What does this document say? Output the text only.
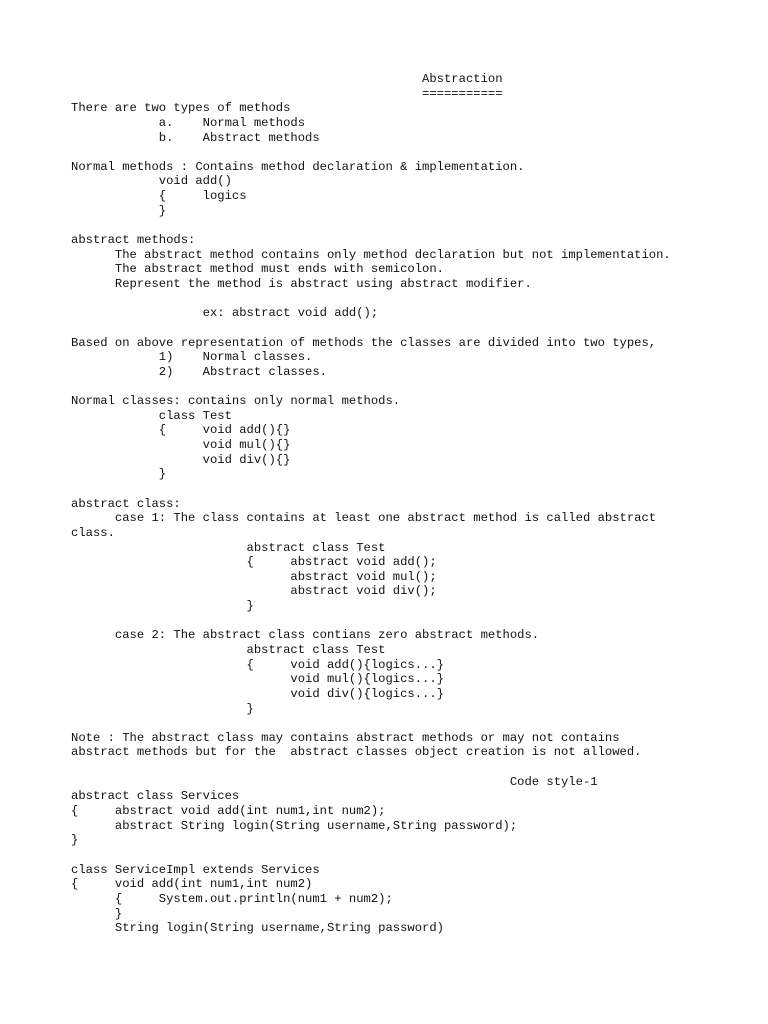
Abstraction
===========
There are two types of methods
a.    Normal methods
b.    Abstract methods
Normal methods : Contains method declaration & implementation.
void add()
{     logics
}
abstract methods:
The abstract method contains only method declaration but not implementation.
The abstract method must ends with semicolon.
Represent the method is abstract using abstract modifier.
ex: abstract void add();
Based on above representation of methods the classes are divided into two types,
1)    Normal classes.
2)    Abstract classes.
Normal classes: contains only normal methods.
class Test
{     void add(){}
void mul(){}
void div(){}
}
abstract class:
case 1: The class contains at least one abstract method is called abstract
class.
abstract class Test
{     abstract void add();
abstract void mul();
abstract void div();
}
case 2: The abstract class contians zero abstract methods.
abstract class Test
{     void add(){logics...}
void mul(){logics...}
void div(){logics...}
}
Note : The abstract class may contains abstract methods or may not contains
abstract methods but for the  abstract classes object creation is not allowed.
Code style-1
abstract class Services
{     abstract void add(int num1,int num2);
abstract String login(String username,String password);
}
class ServiceImpl extends Services
{     void add(int num1,int num2)
{     System.out.println(num1 + num2);
}
String login(String username,String password)
